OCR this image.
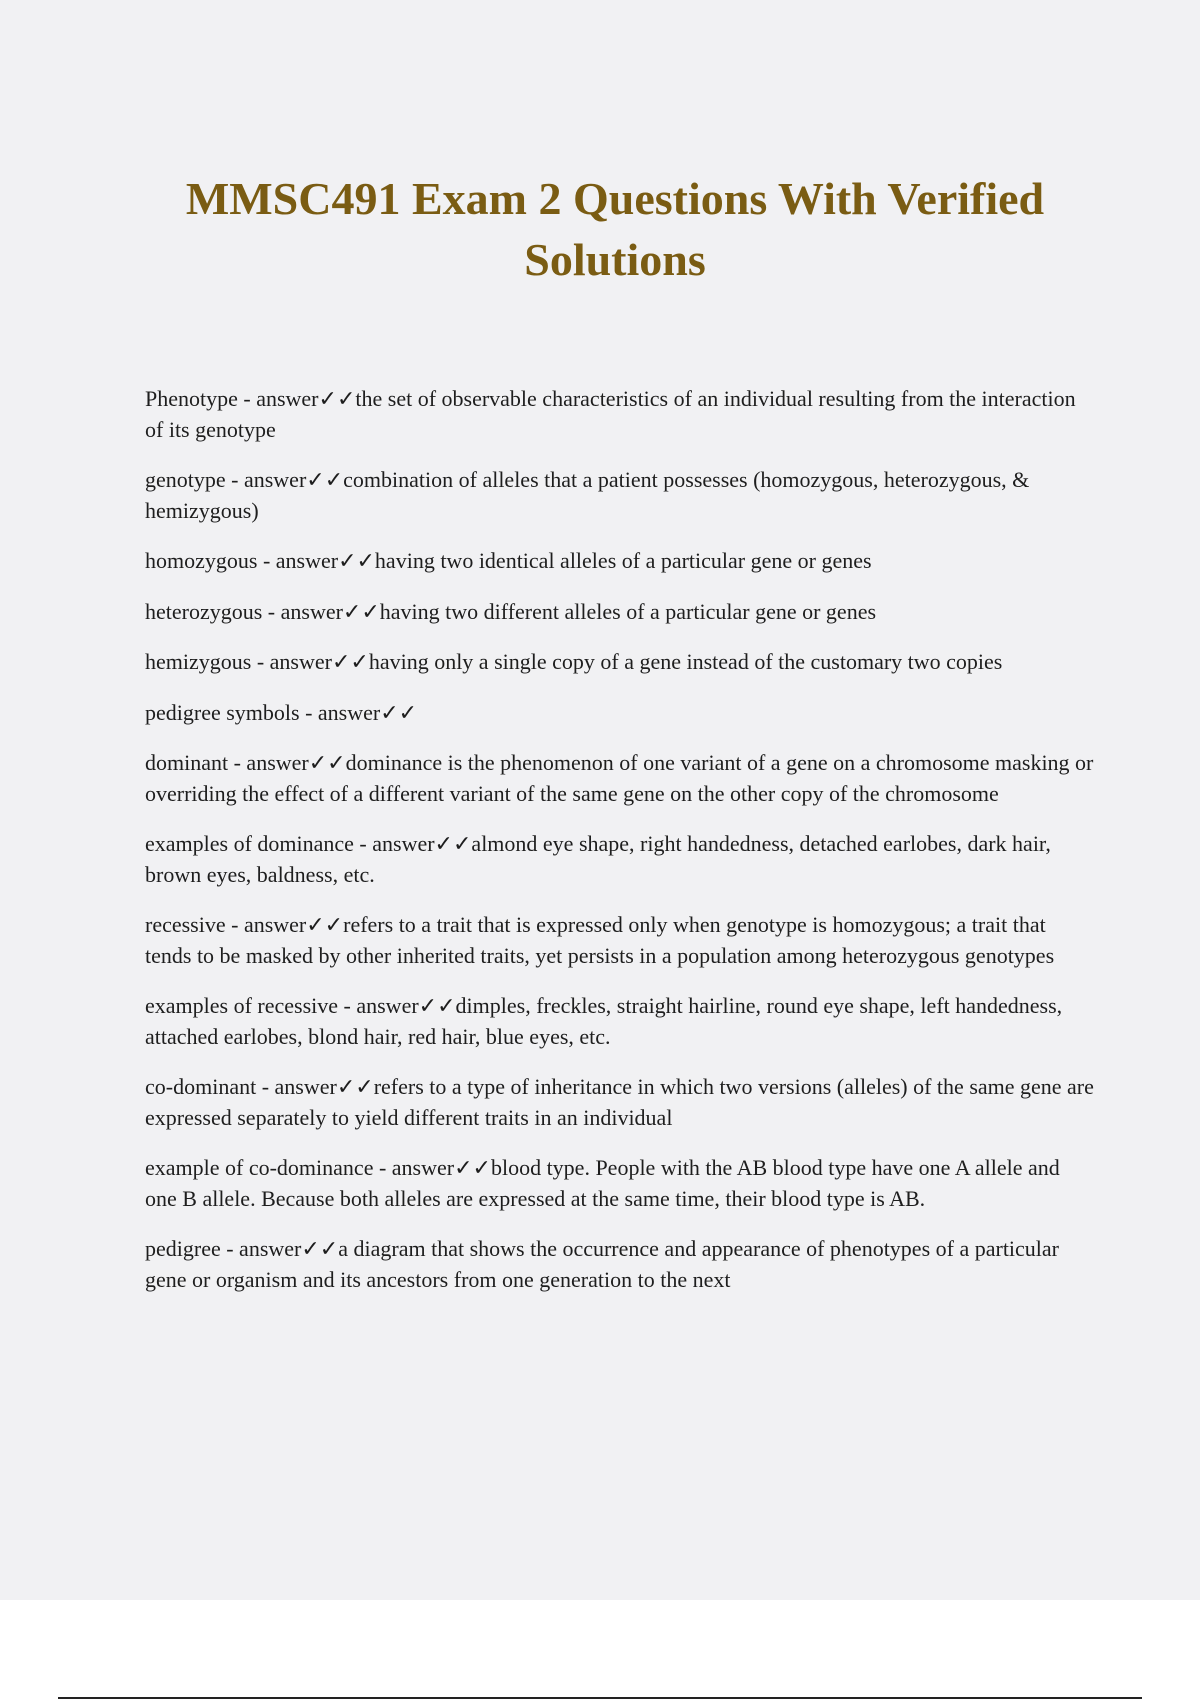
MMSC491 Exam 2 Questions With Verified Solutions
Phenotype - answer✓✓the set of observable characteristics of an individual resulting from the interaction of its genotype
genotype - answer✓✓combination of alleles that a patient possesses (homozygous, heterozygous, & hemizygous)
homozygous - answer✓✓having two identical alleles of a particular gene or genes
heterozygous - answer✓✓having two different alleles of a particular gene or genes
hemizygous - answer✓✓having only a single copy of a gene instead of the customary two copies
pedigree symbols - answer✓✓
dominant - answer✓✓dominance is the phenomenon of one variant of a gene on a chromosome masking or overriding the effect of a different variant of the same gene on the other copy of the chromosome
examples of dominance - answer✓✓almond eye shape, right handedness, detached earlobes, dark hair, brown eyes, baldness, etc.
recessive - answer✓✓refers to a trait that is expressed only when genotype is homozygous; a trait that tends to be masked by other inherited traits, yet persists in a population among heterozygous genotypes
examples of recessive - answer✓✓dimples, freckles, straight hairline, round eye shape, left handedness, attached earlobes, blond hair, red hair, blue eyes, etc.
co-dominant - answer✓✓refers to a type of inheritance in which two versions (alleles) of the same gene are expressed separately to yield different traits in an individual
example of co-dominance - answer✓✓blood type. People with the AB blood type have one A allele and one B allele. Because both alleles are expressed at the same time, their blood type is AB.
pedigree - answer✓✓a diagram that shows the occurrence and appearance of phenotypes of a particular gene or organism and its ancestors from one generation to the next
